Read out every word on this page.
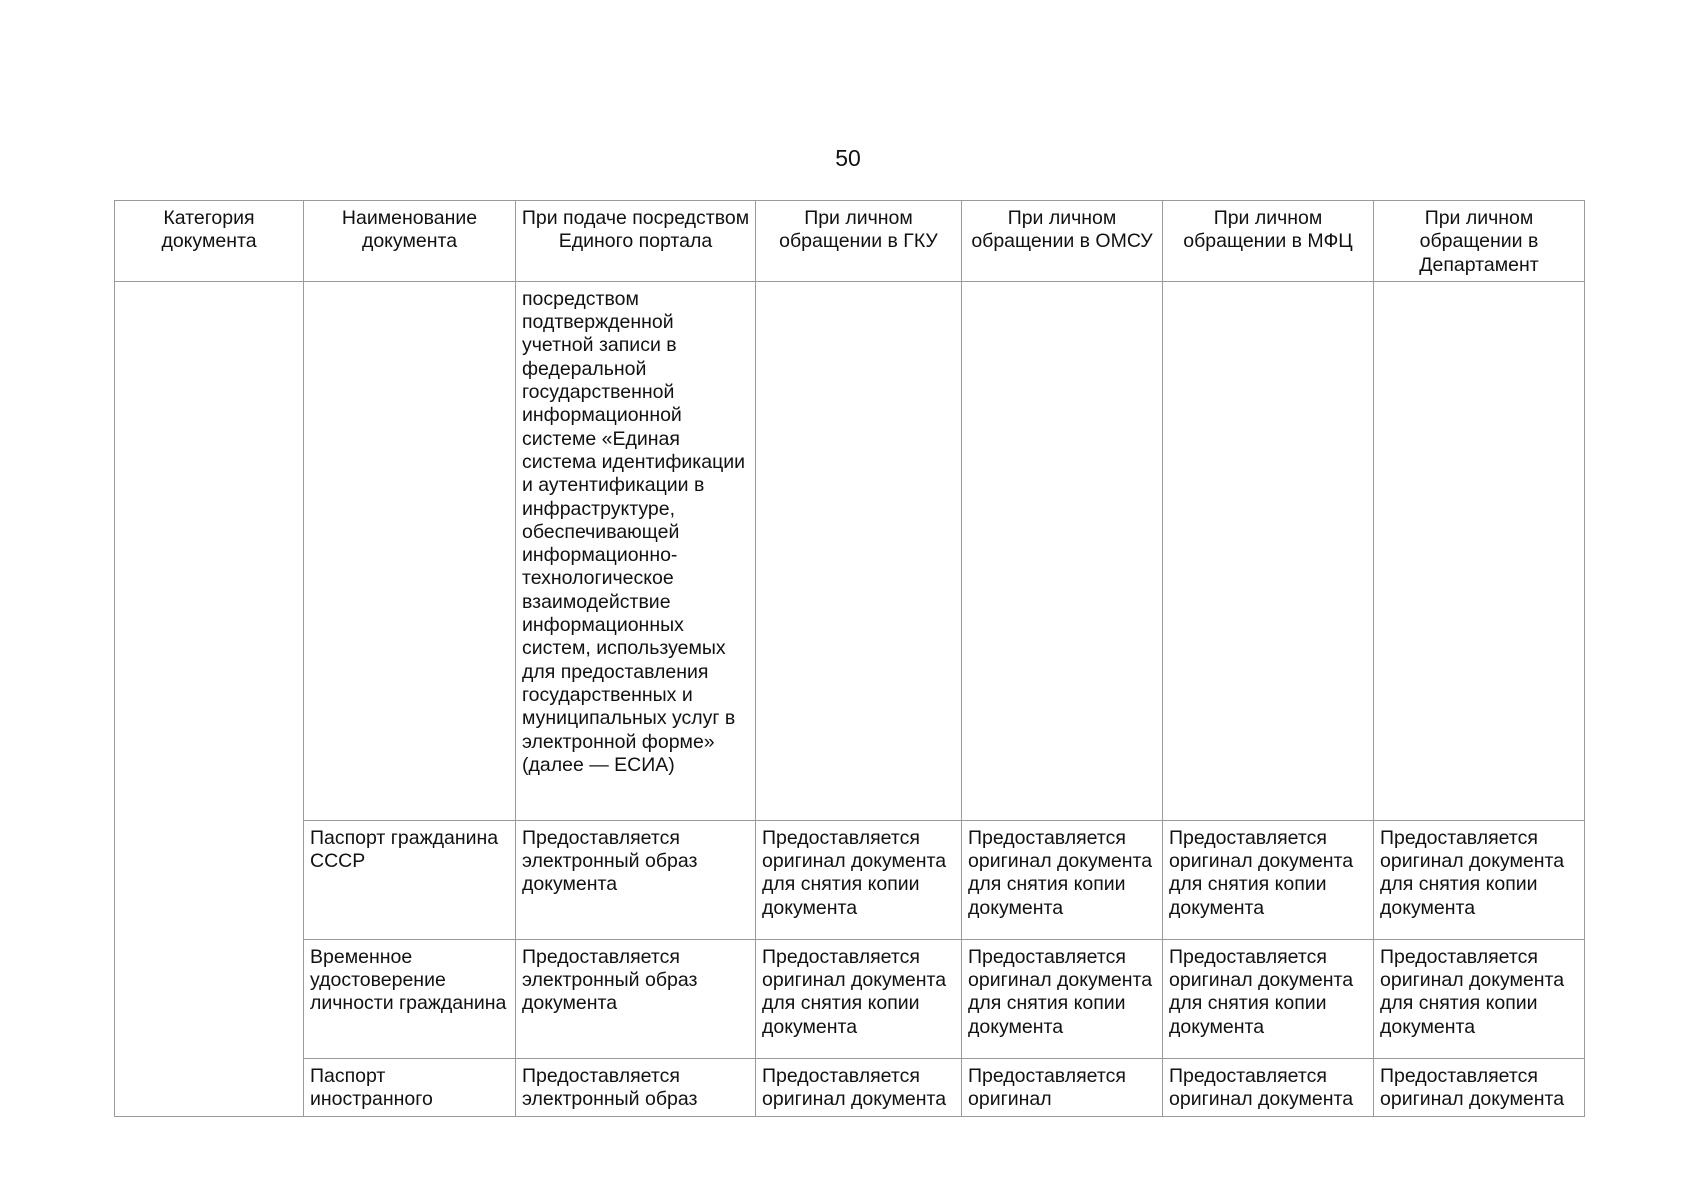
50
Категория документа	Наименование документа	При подаче посредством Единого портала	При личном обращении в ГКУ	При личном обращении в ОМСУ	При личном обращении в МФЦ	При личном обращении в Департамент
		посредством подтвержденной учетной записи в федеральной государственной информационной системе «Единая система идентификации и аутентификации в инфраструктуре, обеспечивающей информационно-технологическое взаимодействие информационных систем, используемых для предоставления государственных и муниципальных услуг в электронной форме» (далее — ЕСИА)				
	Паспорт гражданина СССР	Предоставляется электронный образ документа	Предоставляется оригинал документа для снятия копии документа	Предоставляется оригинал документа для снятия копии документа	Предоставляется оригинал документа для снятия копии документа	Предоставляется оригинал документа для снятия копии документа
	Временное удостоверение личности гражданина	Предоставляется электронный образ документа	Предоставляется оригинал документа для снятия копии документа	Предоставляется оригинал документа для снятия копии документа	Предоставляется оригинал документа для снятия копии документа	Предоставляется оригинал документа для снятия копии документа

	Паспорт иностранного	Предоставляется электронный образ	Предоставляется оригинал документа	Предоставляется оригинал	Предоставляется оригинал документа	Предоставляется оригинал документа
